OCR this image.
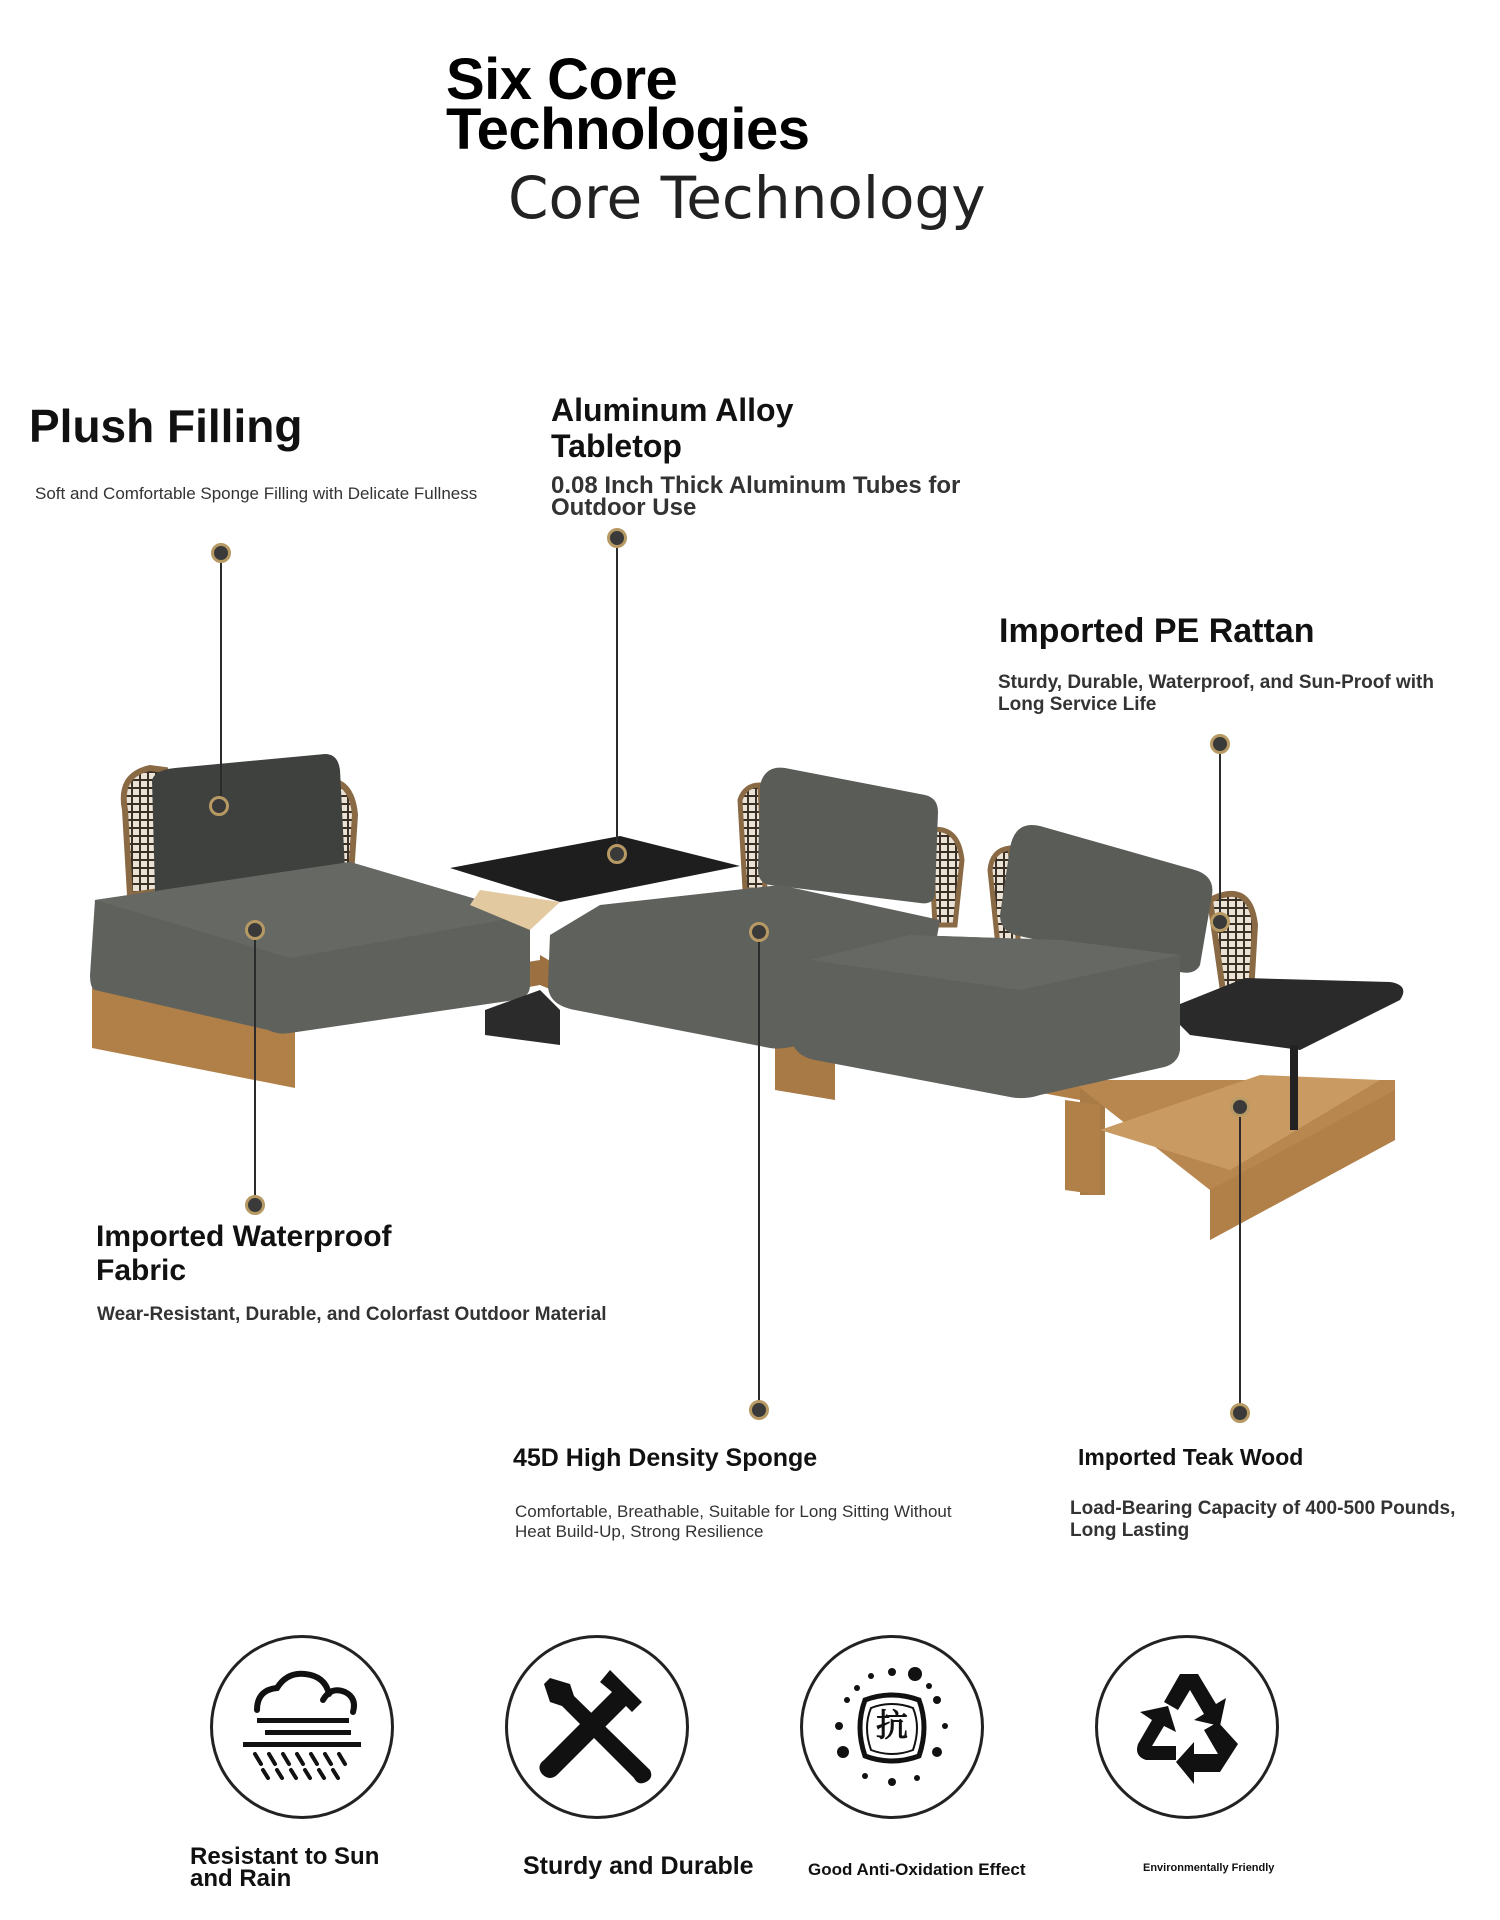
Six Core
Technologies
Core Technology
Plush Filling
Soft and Comfortable Sponge Filling with Delicate Fullness
Aluminum Alloy
Tabletop
0.08 Inch Thick Aluminum Tubes for
Outdoor Use
Imported PE Rattan
Sturdy, Durable, Waterproof, and Sun-Proof with
Long Service Life
Imported Waterproof
Fabric
Wear-Resistant, Durable, and Colorfast Outdoor Material
45D High Density Sponge
Comfortable, Breathable, Suitable for Long Sitting Without
Heat Build-Up, Strong Resilience
Imported Teak Wood
Load-Bearing Capacity of 400-500 Pounds,
Long Lasting
Resistant to Sun
and Rain	Sturdy and Durable
抗
Good Anti-Oxidation Effect	Environmentally Friendly
